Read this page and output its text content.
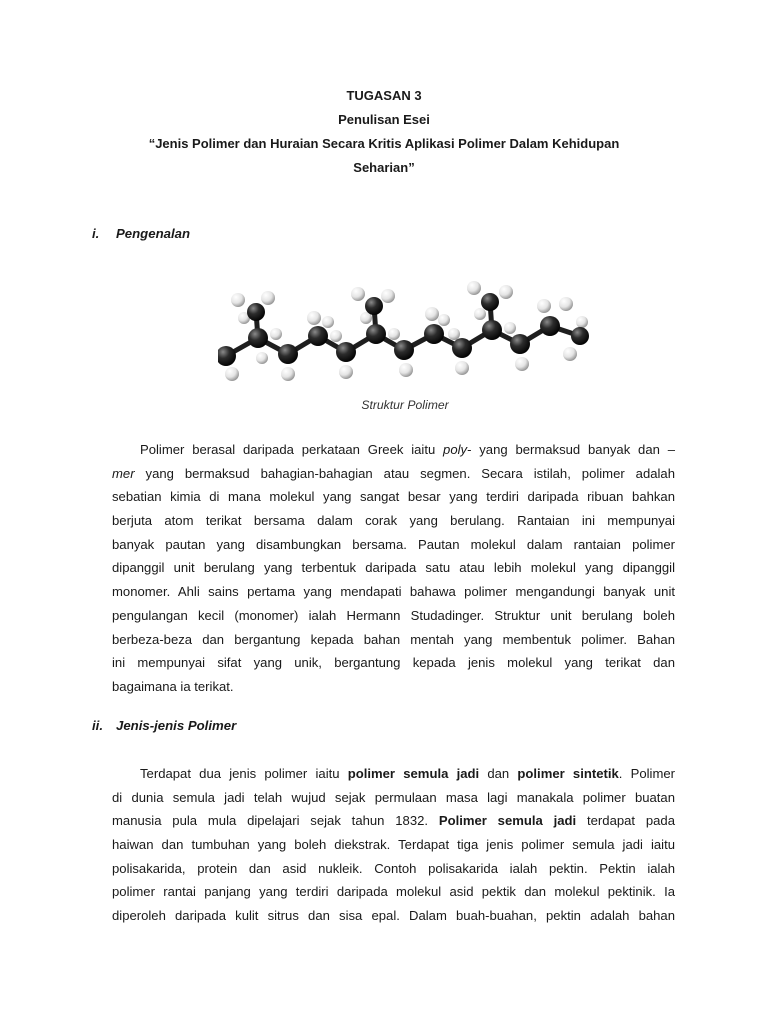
TUGASAN 3
Penulisan Esei
“Jenis Polimer dan Huraian Secara Kritis Aplikasi Polimer Dalam Kehidupan
Seharian”
i. Pengenalan
Struktur Polimer
Polimer berasal daripada perkataan Greek iaitu poly- yang bermaksud banyak dan –
mer yang bermaksud bahagian-bahagian atau segmen. Secara istilah, polimer adalah
sebatian kimia di mana molekul yang sangat besar yang terdiri daripada ribuan bahkan
berjuta atom terikat bersama dalam corak yang berulang. Rantaian ini mempunyai
banyak pautan yang disambungkan bersama. Pautan molekul dalam rantaian polimer
dipanggil unit berulang yang terbentuk daripada satu atau lebih molekul yang dipanggil
monomer. Ahli sains pertama yang mendapati bahawa polimer mengandungi banyak unit
pengulangan kecil (monomer) ialah Hermann Studadinger. Struktur unit berulang boleh
berbeza-beza dan bergantung kepada bahan mentah yang membentuk polimer. Bahan
ini mempunyai sifat yang unik, bergantung kepada jenis molekul yang terikat dan
bagaimana ia terikat.
ii. Jenis-jenis Polimer
Terdapat dua jenis polimer iaitu polimer semula jadi dan polimer sintetik. Polimer
di dunia semula jadi telah wujud sejak permulaan masa lagi manakala polimer buatan
manusia pula mula dipelajari sejak tahun 1832. Polimer semula jadi terdapat pada
haiwan dan tumbuhan yang boleh diekstrak. Terdapat tiga jenis polimer semula jadi iaitu
polisakarida, protein dan asid nukleik. Contoh polisakarida ialah pektin. Pektin ialah
polimer rantai panjang yang terdiri daripada molekul asid pektik dan molekul pektinik. Ia
diperoleh daripada kulit sitrus dan sisa epal. Dalam buah-buahan, pektin adalah bahan
